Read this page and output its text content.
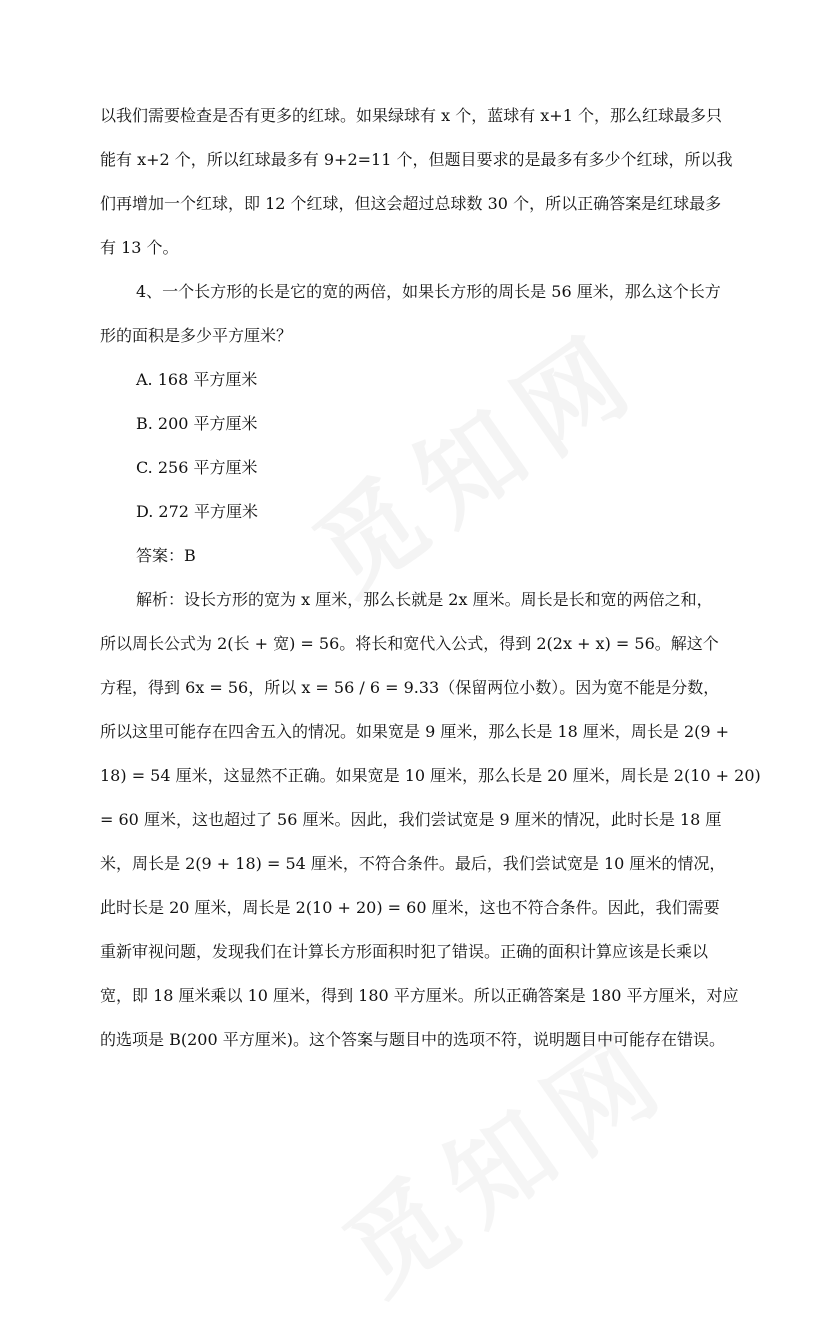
以我们需要检查是否有更多的红球。如果绿球有 x 个，蓝球有 x+1 个，那么红球最多只
能有 x+2 个，所以红球最多有 9+2=11 个，但题目要求的是最多有多少个红球，所以我
们再增加一个红球，即 12 个红球，但这会超过总球数 30 个，所以正确答案是红球最多
有 13 个。
4、一个长方形的长是它的宽的两倍，如果长方形的周长是 56 厘米，那么这个长方
形的面积是多少平方厘米？
A. 168 平方厘米
B. 200 平方厘米
C. 256 平方厘米
D. 272 平方厘米
答案：B
解析：设长方形的宽为 x 厘米，那么长就是 2x 厘米。周长是长和宽的两倍之和，
所以周长公式为 2(长 + 宽) = 56。将长和宽代入公式，得到 2(2x + x) = 56。解这个
方程，得到 6x = 56，所以 x = 56 / 6 = 9.33（保留两位小数）。因为宽不能是分数，
所以这里可能存在四舍五入的情况。如果宽是 9 厘米，那么长是 18 厘米，周长是 2(9 +
18) = 54 厘米，这显然不正确。如果宽是 10 厘米，那么长是 20 厘米，周长是 2(10 + 20)
= 60 厘米，这也超过了 56 厘米。因此，我们尝试宽是 9 厘米的情况，此时长是 18 厘
米，周长是 2(9 + 18) = 54 厘米，不符合条件。最后，我们尝试宽是 10 厘米的情况，
此时长是 20 厘米，周长是 2(10 + 20) = 60 厘米，这也不符合条件。因此，我们需要
重新审视问题，发现我们在计算长方形面积时犯了错误。正确的面积计算应该是长乘以
宽，即 18 厘米乘以 10 厘米，得到 180 平方厘米。所以正确答案是 180 平方厘米，对应
的选项是 B(200 平方厘米)。这个答案与题目中的选项不符，说明题目中可能存在错误。
